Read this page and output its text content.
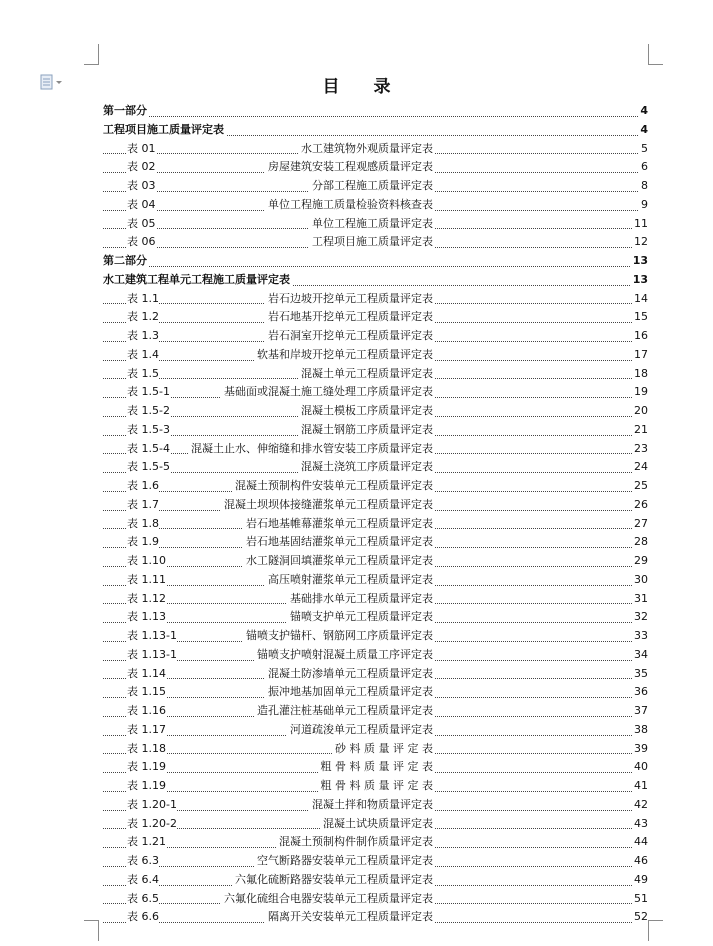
目 录
第一部分	4
工程项目施工质量评定表	4
表 01	水工建筑物外观质量评定表	5
表 02	房屋建筑安装工程观感质量评定表	6
表 03	分部工程施工质量评定表	8
表 04	单位工程施工质量检验资料核查表	9
表 05	单位工程施工质量评定表	11
表 06	工程项目施工质量评定表	12
第二部分	13
水工建筑工程单元工程施工质量评定表	13
表 1.1	岩石边坡开挖单元工程质量评定表	14
表 1.2	岩石地基开挖单元工程质量评定表	15
表 1.3	岩石洞室开挖单元工程质量评定表	16
表 1.4	软基和岸坡开挖单元工程质量评定表	17
表 1.5	混凝土单元工程质量评定表	18
表 1.5-1	基础面或混凝土施工缝处理工序质量评定表	19
表 1.5-2	混凝土模板工序质量评定表	20
表 1.5-3	混凝土钢筋工序质量评定表	21
表 1.5-4	混凝土止水、伸缩缝和排水管安装工序质量评定表	23
表 1.5-5	混凝土浇筑工序质量评定表	24
表 1.6	混凝土预制构件安装单元工程质量评定表	25
表 1.7	混凝土坝坝体接缝灌浆单元工程质量评定表	26
表 1.8	岩石地基帷幕灌浆单元工程质量评定表	27
表 1.9	岩石地基固结灌浆单元工程质量评定表	28
表 1.10	水工隧洞回填灌浆单元工程质量评定表	29
表 1.11	高压喷射灌浆单元工程质量评定表	30
表 1.12	基础排水单元工程质量评定表	31
表 1.13	锚喷支护单元工程质量评定表	32
表 1.13-1	锚喷支护锚杆、钢筋网工序质量评定表	33
表 1.13-1	锚喷支护喷射混凝土质量工序评定表	34
表 1.14	混凝土防渗墙单元工程质量评定表	35
表 1.15	振冲地基加固单元工程质量评定表	36
表 1.16	造孔灌注桩基础单元工程质量评定表	37
表 1.17	河道疏浚单元工程质量评定表	38
表 1.18	砂 料 质 量 评 定 表	39
表 1.19	粗 骨 料 质 量 评 定 表	40
表 1.19	粗 骨 料 质 量 评 定 表	41
表 1.20-1	混凝土拌和物质量评定表	42
表 1.20-2	混凝土试块质量评定表	43
表 1.21	混凝土预制构件制作质量评定表	44
表 6.3	空气断路器安装单元工程质量评定表	46
表 6.4	六氟化硫断路器安装单元工程质量评定表	49
表 6.5	六氟化硫组合电器安装单元工程质量评定表	51
表 6.6	隔离开关安装单元工程质量评定表	52
